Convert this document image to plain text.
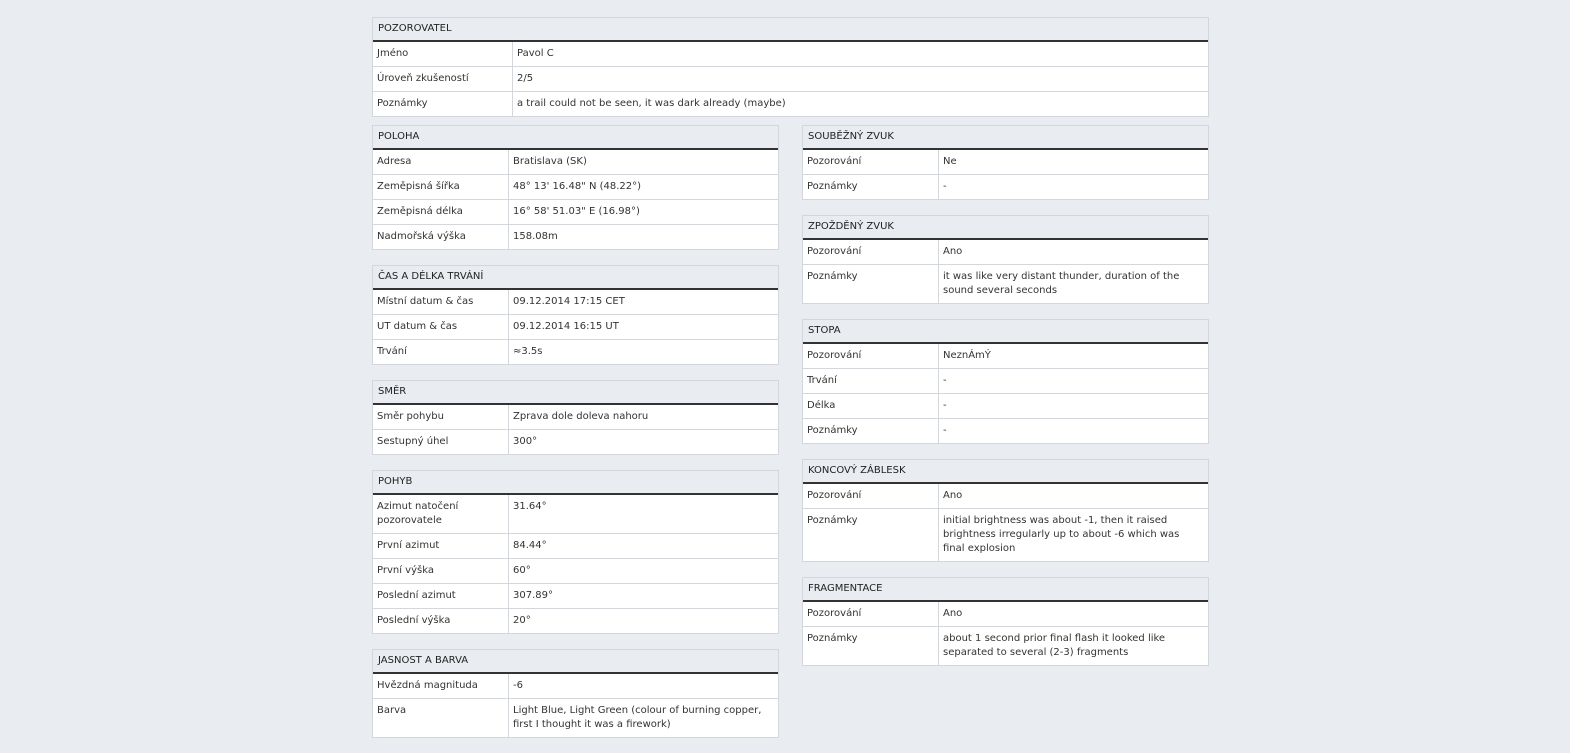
POZOROVATEL
Jméno	Pavol C
Úroveň zkušeností	2/5
Poznámky	a trail could not be seen, it was dark already (maybe)
POLOHA
Adresa	Bratislava (SK)
Zeměpisná šířka	48° 13' 16.48" N (48.22°)
Zeměpisná délka	16° 58' 51.03" E (16.98°)
Nadmořská výška	158.08m
ČAS A DÉLKA TRVÁNÍ
Místní datum & čas	09.12.2014 17:15 CET
UT datum & čas	09.12.2014 16:15 UT
Trvání	≈3.5s
SMĚR
Směr pohybu	Zprava dole doleva nahoru
Sestupný úhel	300°
POHYB
Azimut natočení pozorovatele	31.64°
První azimut	84.44°
První výška	60°
Poslední azimut	307.89°
Poslední výška	20°
JASNOST A BARVA
Hvězdná magnituda	-6
Barva	Light Blue, Light Green (colour of burning copper, first I thought it was a firework)
SOUBĚŽNÝ ZVUK
Pozorování	Ne
Poznámky	-
ZPOŽDĚNÝ ZVUK
Pozorování	Ano
Poznámky	it was like very distant thunder, duration of the sound several seconds
STOPA
Pozorování	NeznÁmÝ
Trvání	-
Délka	-
Poznámky	-
KONCOVÝ ZÁBLESK
Pozorování	Ano
Poznámky	initial brightness was about -1, then it raised brightness irregularly up to about -6 which was final explosion
FRAGMENTACE
Pozorování	Ano
Poznámky	about 1 second prior final flash it looked like separated to several (2-3) fragments
